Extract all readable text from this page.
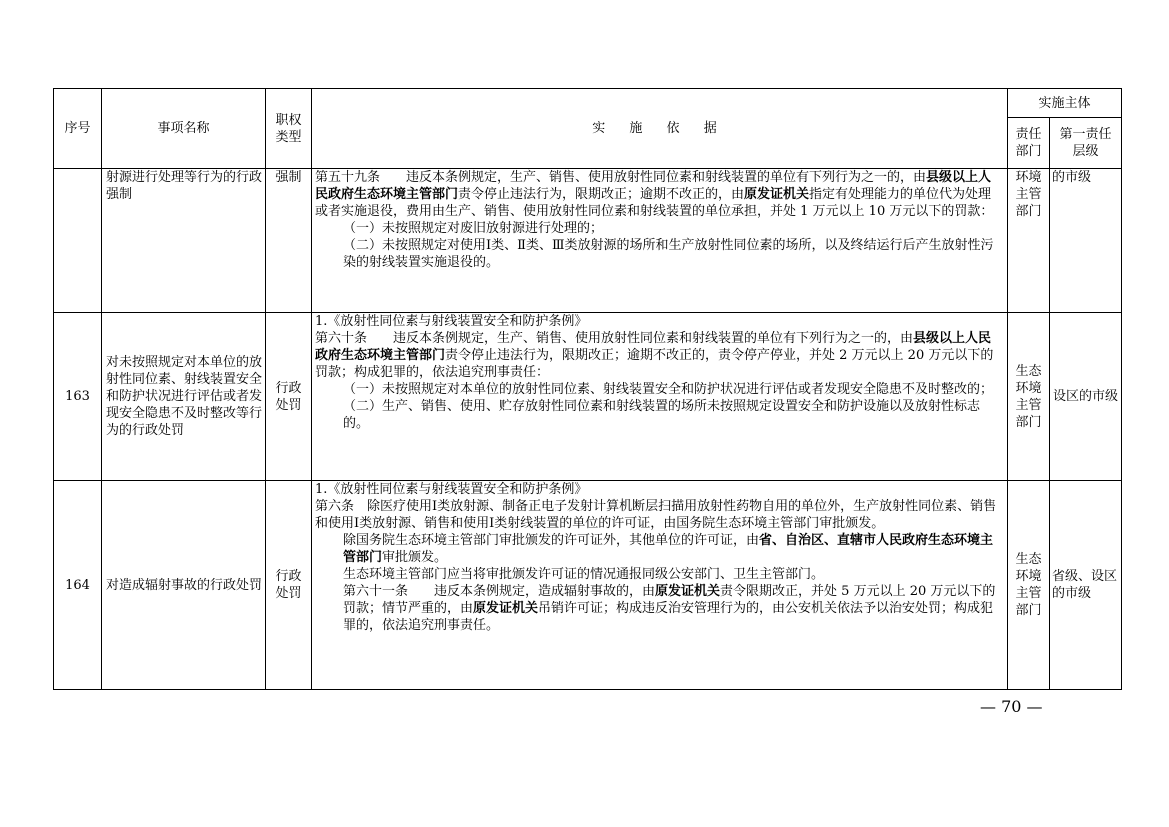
序号	事项名称	职权类型	实 施 依 据	实施主体	
				责任部门	第一责任层级
	射源进行处理等行为的行政强制	强制	第五十九条　　违反本条例规定，生产、销售、使用放射性同位素和射线装置的单位有下列行为之一的，由县级以上人民政府生态环境主管部门责令停止违法行为，限期改正；逾期不改正的，由原发证机关指定有处理能力的单位代为处理或者实施退役，费用由生产、销售、使用放射性同位素和射线装置的单位承担，并处 1 万元以上 10 万元以下的罚款：
（一）未按照规定对废旧放射源进行处理的；
（二）未按照规定对使用Ⅰ类、Ⅱ类、Ⅲ类放射源的场所和生产放射性同位素的场所，以及终结运行后产生放射性污染的射线装置实施退役的。	环境主管部门	的市级
163	对未按照规定对本单位的放射性同位素、射线装置安全和防护状况进行评估或者发现安全隐患不及时整改等行为的行政处罚	行政处罚	1.《放射性同位素与射线装置安全和防护条例》
第六十条　　违反本条例规定，生产、销售、使用放射性同位素和射线装置的单位有下列行为之一的，由县级以上人民政府生态环境主管部门责令停止违法行为，限期改正；逾期不改正的，责令停产停业，并处 2 万元以上 20 万元以下的罚款；构成犯罪的，依法追究刑事责任：
（一）未按照规定对本单位的放射性同位素、射线装置安全和防护状况进行评估或者发现安全隐患不及时整改的；
（二）生产、销售、使用、贮存放射性同位素和射线装置的场所未按照规定设置安全和防护设施以及放射性标志的。	生态环境主管部门	设区的市级
164	对造成辐射事故的行政处罚	行政处罚	1.《放射性同位素与射线装置安全和防护条例》
第六条　除医疗使用Ⅰ类放射源、制备正电子发射计算机断层扫描用放射性药物自用的单位外，生产放射性同位素、销售和使用Ⅰ类放射源、销售和使用Ⅰ类射线装置的单位的许可证，由国务院生态环境主管部门审批颁发。
除国务院生态环境主管部门审批颁发的许可证外，其他单位的许可证，由省、自治区、直辖市人民政府生态环境主管部门审批颁发。
生态环境主管部门应当将审批颁发许可证的情况通报同级公安部门、卫生主管部门。
第六十一条　　违反本条例规定，造成辐射事故的，由原发证机关责令限期改正，并处 5 万元以上 20 万元以下的罚款；情节严重的，由原发证机关吊销许可证；构成违反治安管理行为的，由公安机关依法予以治安处罚；构成犯罪的，依法追究刑事责任。	生态环境主管部门	省级、设区的市级
— 70 —
